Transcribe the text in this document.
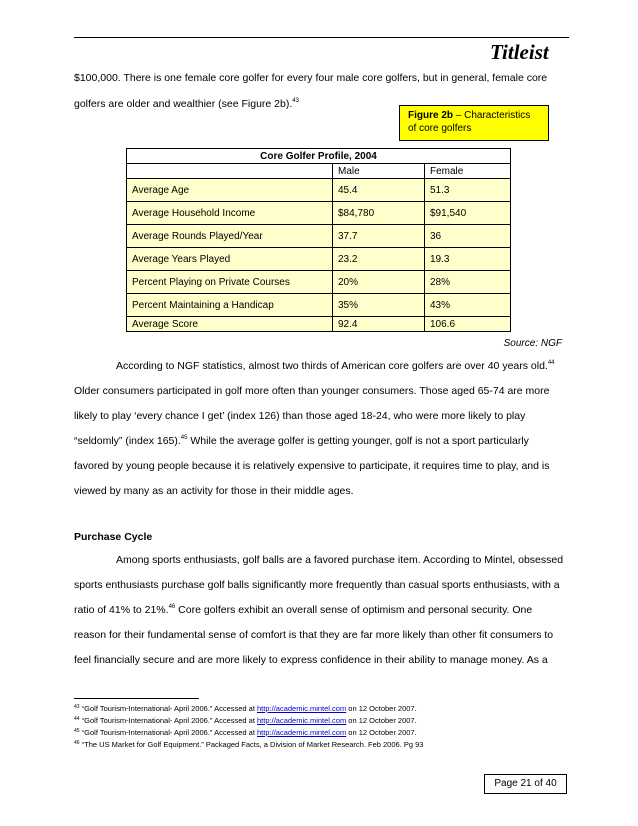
Titleist
$100,000. There is one female core golfer for every four male core golfers, but in general, female core
golfers are older and wealthier (see Figure 2b).$^{43}$
Figure 2b – Characteristics
of core golfers
Core Golfer Profile, 2004		
	Male	Female
Average Age	45.4	51.3
Average Household Income	$84,780	$91,540
Average Rounds Played/Year	37.7	36
Average Years Played	23.2	19.3
Percent Playing on Private Courses	20%	28%
Percent Maintaining a Handicap	35%	43%
Average Score	92.4	106.6
Source: NGF
According to NGF statistics, almost two thirds of American core golfers are over 40 years old.$^{44}$
Older consumers participated in golf more often than younger consumers. Those aged 65-74 are more
likely to play ‘every chance I get’ (index 126) than those aged 18-24, who were more likely to play
“seldomly” (index 165).$^{45}$ While the average golfer is getting younger, golf is not a sport particularly
favored by young people because it is relatively expensive to participate, it requires time to play, and is
viewed by many as an activity for those in their middle ages.
Purchase Cycle
Among sports enthusiasts, golf balls are a favored purchase item. According to Mintel, obsessed
sports enthusiasts purchase golf balls significantly more frequently than casual sports enthusiasts, with a
ratio of 41% to 21%.$^{46}$ Core golfers exhibit an overall sense of optimism and personal security. One
reason for their fundamental sense of comfort is that they are far more likely than other fit consumers to
feel financially secure and are more likely to express confidence in their ability to manage money. As a
$^{43}$ “Golf Tourism-International- April 2006.” Accessed at http://academic.mintel.com on 12 October 2007.
$^{44}$ “Golf Tourism-International- April 2006.” Accessed at http://academic.mintel.com on 12 October 2007.
$^{45}$ “Golf Tourism-International- April 2006.” Accessed at http://academic.mintel.com on 12 October 2007.
$^{46}$ “The US Market for Golf Equipment.” Packaged Facts, a Division of Market Research. Feb 2006. Pg 93
Page 21 of 40
